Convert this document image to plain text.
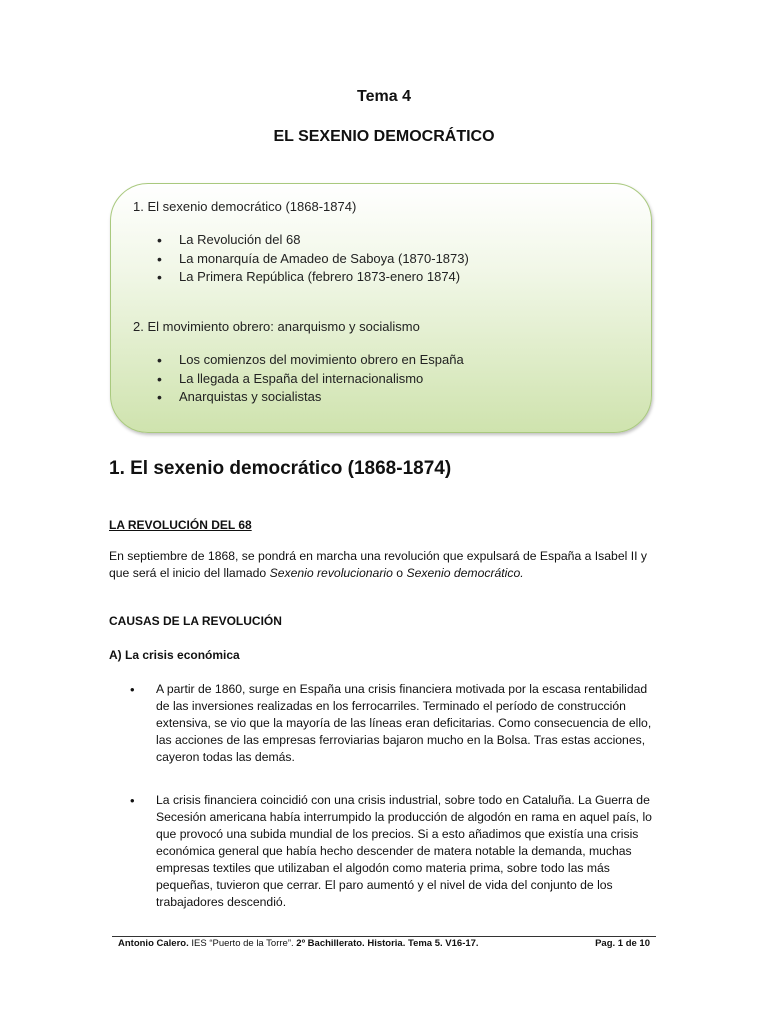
Tema 4
EL SEXENIO DEMOCRÁTICO
1. El sexenio democrático (1868-1874)
• La Revolución del 68
• La monarquía de Amadeo de Saboya (1870-1873)
• La Primera República (febrero 1873-enero 1874)
2. El movimiento obrero: anarquismo y socialismo
• Los comienzos del movimiento obrero en España
• La llegada a España del internacionalismo
• Anarquistas y socialistas
1. El sexenio democrático (1868-1874)
LA REVOLUCIÓN DEL 68
En septiembre de 1868, se pondrá en marcha una revolución que expulsará de España a Isabel II y que será el inicio del llamado Sexenio revolucionario o Sexenio democrático.
CAUSAS DE LA REVOLUCIÓN
A) La crisis económica
• A partir de 1860, surge en España una crisis financiera motivada por la escasa rentabilidad de las inversiones realizadas en los ferrocarriles. Terminado el período de construcción extensiva, se vio que la mayoría de las líneas eran deficitarias. Como consecuencia de ello, las acciones de las empresas ferroviarias bajaron mucho en la Bolsa. Tras estas acciones, cayeron todas las demás.
• La crisis financiera coincidió con una crisis industrial, sobre todo en Cataluña. La Guerra de Secesión americana había interrumpido la producción de algodón en rama en aquel país, lo que provocó una subida mundial de los precios. Si a esto añadimos que existía una crisis económica general que había hecho descender de matera notable la demanda, muchas empresas textiles que utilizaban el algodón como materia prima, sobre todo las más pequeñas, tuvieron que cerrar. El paro aumentó y el nivel de vida del conjunto de los trabajadores descendió.
Antonio Calero. IES “Puerto de la Torre”. 2º Bachillerato. Historia. Tema 5. V16-17.	Pag. 1 de 10
